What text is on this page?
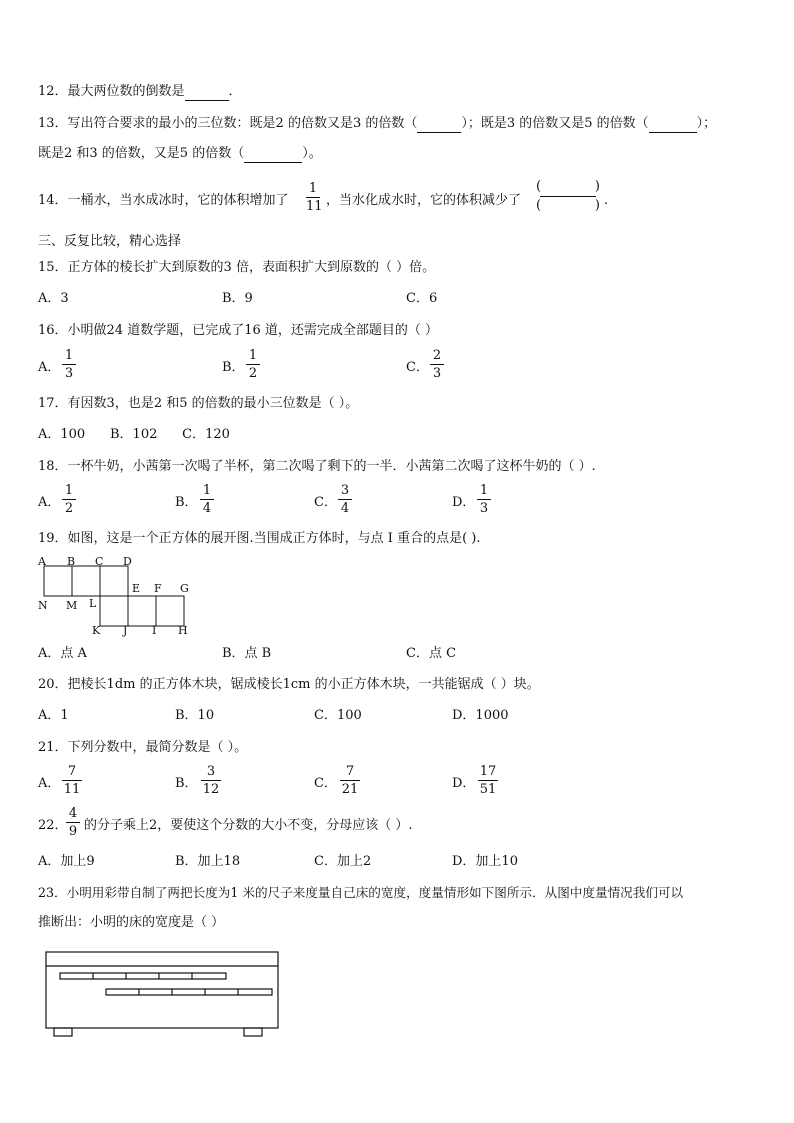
12．最大两位数的倒数是	．
13．写出符合要求的最小的三位数：既是2 的倍数又是3 的倍数（	）；既是3 的倍数又是5 的倍数（	）；
既是2 和3 的倍数，又是5 的倍数（	）。
14．一桶水，当水成冰时，它的体积增加了
1
11 ，当水化成水时，它的体积减少了
(	)
(	) .
三、反复比较，精心选择
15．正方体的棱长扩大到原数的3 倍，表面积扩大到原数的（ ）倍。
A．3	B．9	C．6
16．小明做24 道数学题，已完成了16 道，还需完成全部题目的（ ）
A．
1
3	B．
1
2	C．
2
3
17．有因数3，也是2 和5 的倍数的最小三位数是（ ）。
A．100      B．102      C．120
18．一杯牛奶，小茜第一次喝了半杯，第二次喝了剩下的一半．小茜第二次喝了这杯牛奶的（ ）.
A．
1
2	B．
1
4	C．
3
4	D．
1
3
19．如图，这是一个正方体的展开图.当围成正方体时，与点 I 重合的点是( ).
A B C D
E F G
N M L
K J I H
A．点 A	B．点 B	C．点 C
20．把棱长1dm 的正方体木块，锯成棱长1cm 的小正方体木块，一共能锯成（ ）块。
A．1	B．10	C．100	D．1000
21．下列分数中，最简分数是（ ）。
A．
7
11	B．
3
12	C．
7
21	D．
17
51
22．
4
9 的分子乘上2，要使这个分数的大小不变，分母应该（ ）.
A．加上9	B．加上18	C．加上2	D．加上10
23．小明用彩带自制了两把长度为1 米的尺子来度量自己床的宽度，度量情形如下图所示．从图中度量情况我们可以
推断出：小明的床的宽度是（ ）
